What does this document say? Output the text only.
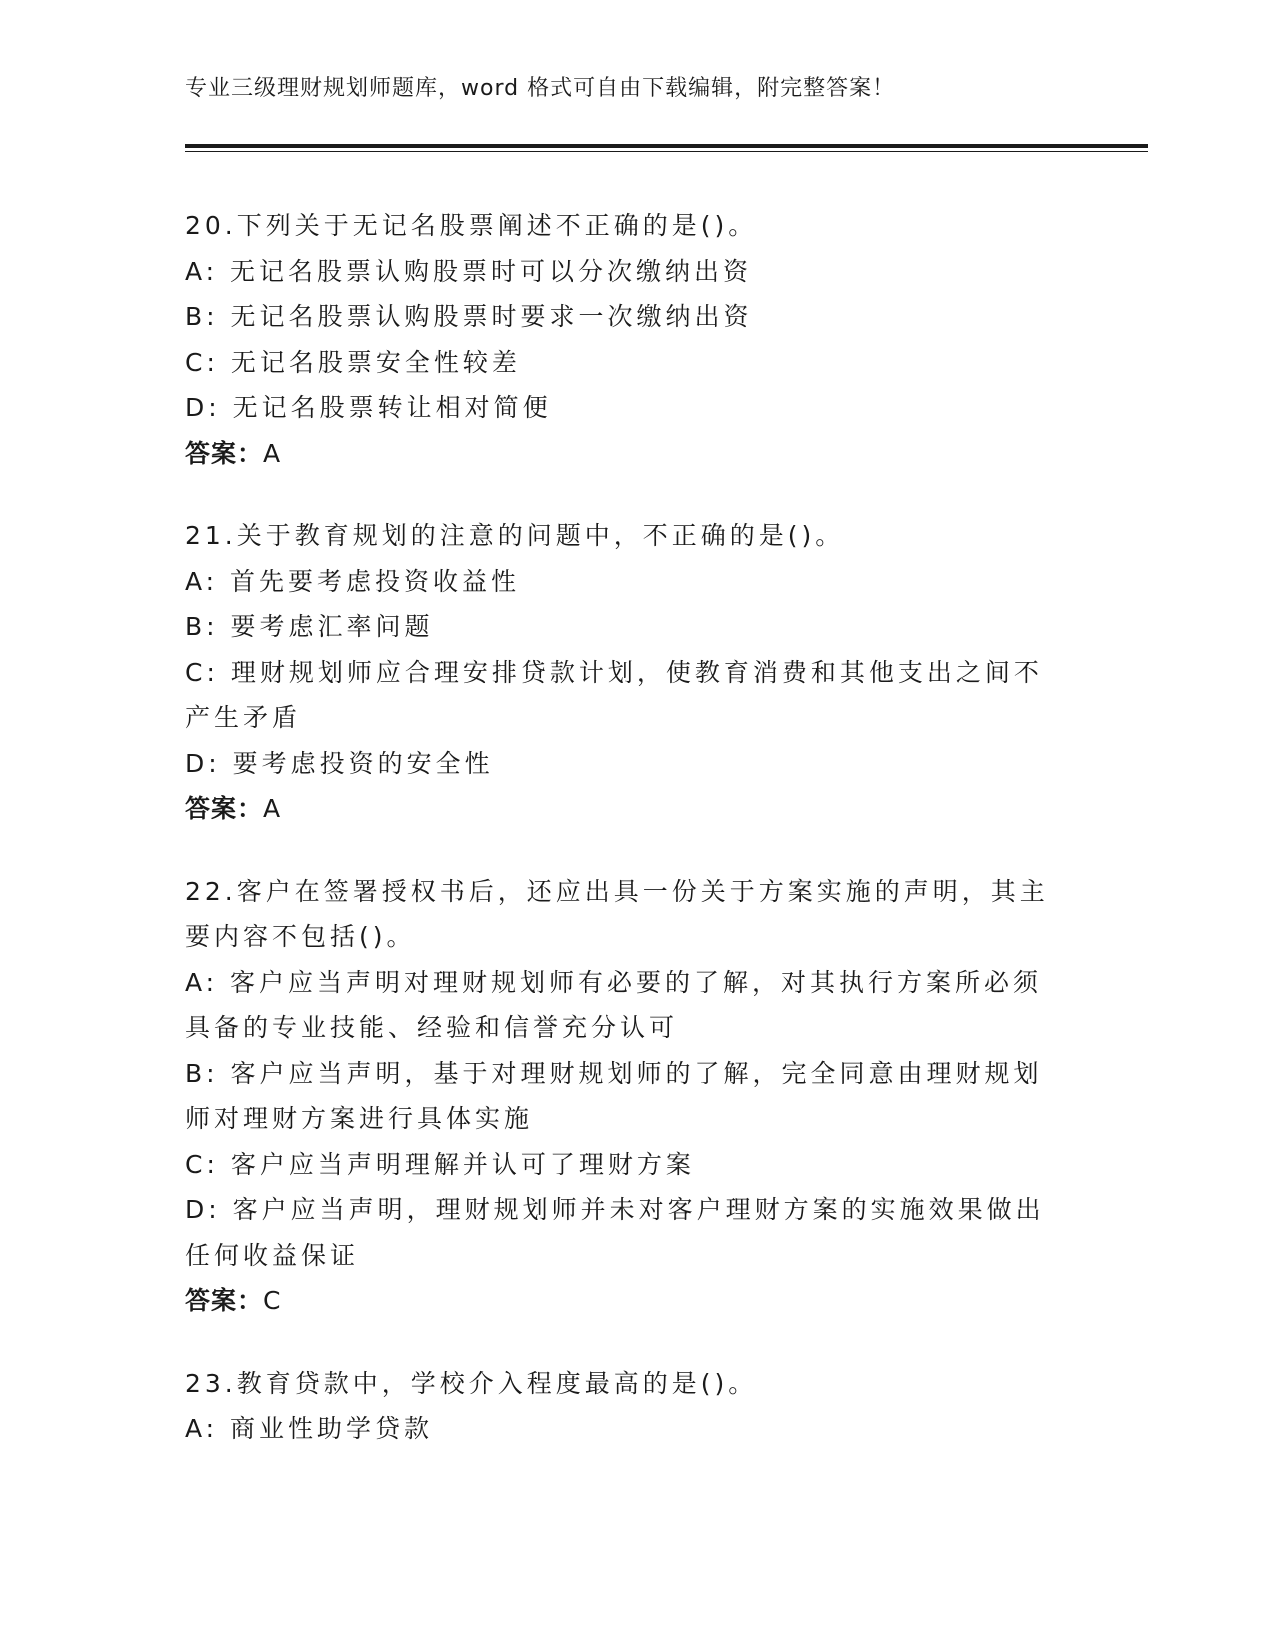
专业三级理财规划师题库，word 格式可自由下载编辑，附完整答案！

20.下列关于无记名股票阐述不正确的是()。

A: 无记名股票认购股票时可以分次缴纳出资

B: 无记名股票认购股票时要求一次缴纳出资

C: 无记名股票安全性较差

D: 无记名股票转让相对简便

答案：A

21.关于教育规划的注意的问题中，不正确的是()。

A: 首先要考虑投资收益性

B: 要考虑汇率问题

C: 理财规划师应合理安排贷款计划，使教育消费和其他支出之间不产生矛盾

D: 要考虑投资的安全性

答案：A

22.客户在签署授权书后，还应出具一份关于方案实施的声明，其主要内容不包括()。

A: 客户应当声明对理财规划师有必要的了解，对其执行方案所必须具备的专业技能、经验和信誉充分认可

B: 客户应当声明，基于对理财规划师的了解，完全同意由理财规划师对理财方案进行具体实施

C: 客户应当声明理解并认可了理财方案

D: 客户应当声明，理财规划师并未对客户理财方案的实施效果做出任何收益保证

答案：C

23.教育贷款中，学校介入程度最高的是()。

A: 商业性助学贷款
